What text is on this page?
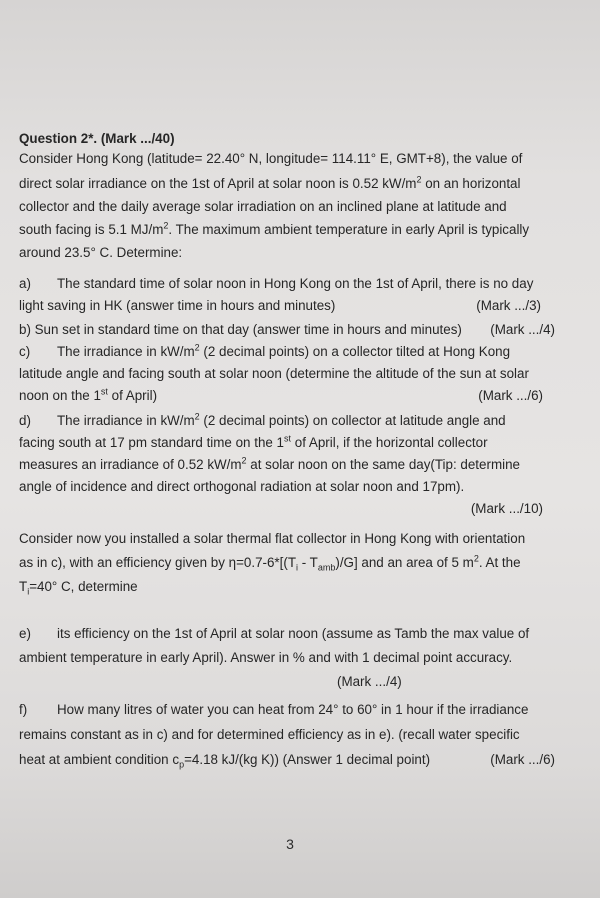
Question 2*. (Mark .../40)
Consider Hong Kong (latitude= 22.40° N, longitude= 114.11° E, GMT+8), the value of
direct solar irradiance on the 1st of April at solar noon is 0.52 $kW/m^2$ on an horizontal
collector and the daily average solar irradiation on an inclined plane at latitude and
south facing is 5.1 $MJ/m^2$. The maximum ambient temperature in early April is typically
around 23.5° C. Determine:
a)	The standard time of solar noon in Hong Kong on the 1st of April, there is no day
light saving in HK (answer time in hours and minutes)	(Mark .../3)
b) Sun set in standard time on that day (answer time in hours and minutes) (Mark .../4)
c)	The irradiance in $kW/m^2$ (2 decimal points) on a collector tilted at Hong Kong
latitude angle and facing south at solar noon (determine the altitude of the sun at solar
noon on the 1st of April)	(Mark .../6)
d)	The irradiance in $kW/m^2$ (2 decimal points) on collector at latitude angle and
facing south at 17 pm standard time on the 1st of April, if the horizontal collector
measures an irradiance of 0.52 $kW/m^2$ at solar noon on the same day(Tip: determine
angle of incidence and direct orthogonal radiation at solar noon and 17pm).
(Mark .../10)
Consider now you installed a solar thermal flat collector in Hong Kong with orientation
as in c), with an efficiency given by $\eta=0.7-6*[(T_i - T_{amb})/G]$ and an area of 5 $m^2$. At the
$T_i=40^\circ$ C, determine
e)	its efficiency on the 1st of April at solar noon (assume as Tamb the max value of
ambient temperature in early April). Answer in % and with 1 decimal point accuracy.
(Mark .../4)
f)	How many litres of water you can heat from 24° to 60° in 1 hour if the irradiance
remains constant as in c) and for determined efficiency as in e). (recall water specific
heat at ambient condition $c_p=4.18$ kJ/(kg K)) (Answer 1 decimal point)	(Mark .../6)
3
